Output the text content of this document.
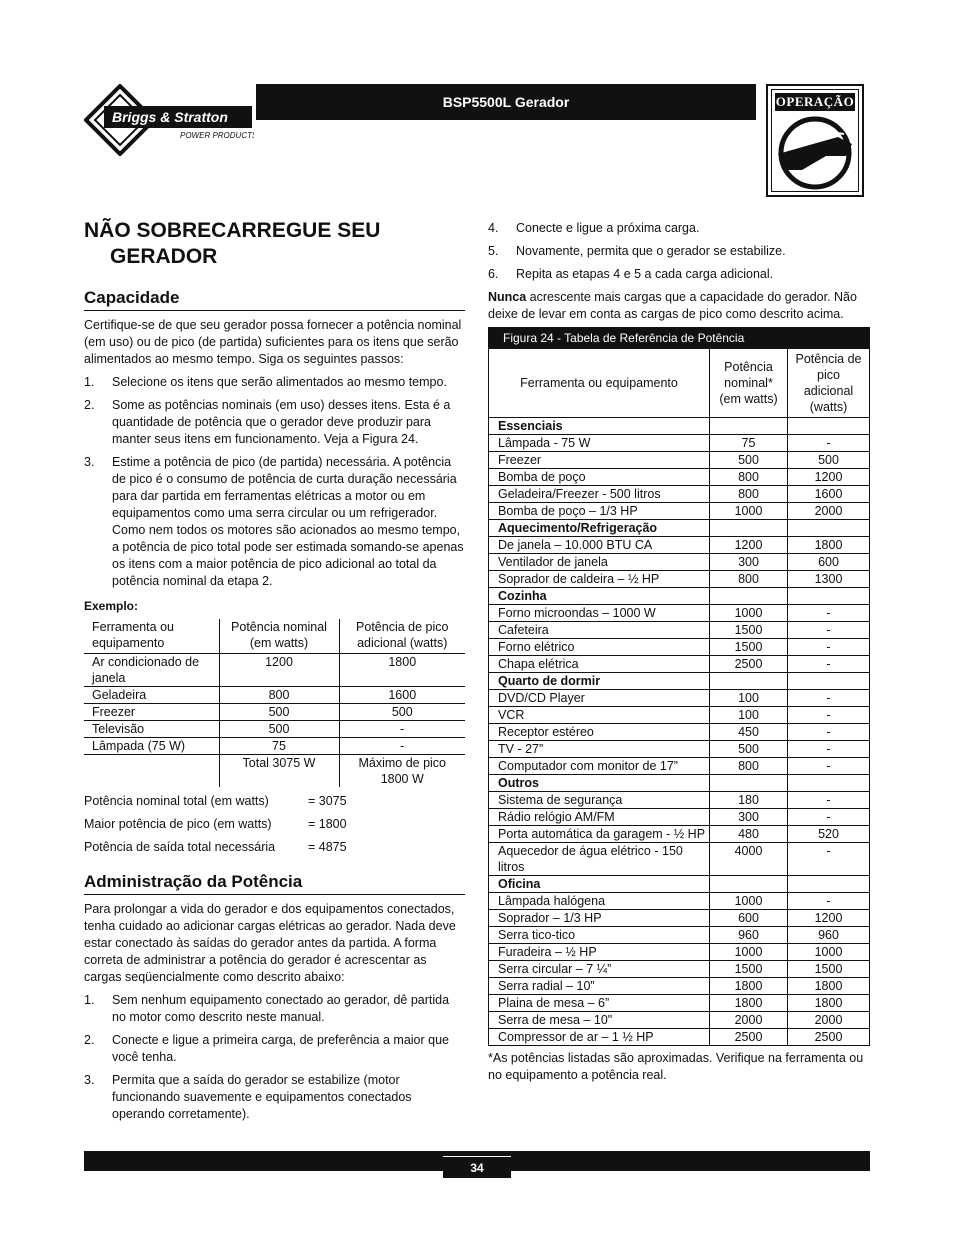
Briggs & Stratton
POWER PRODUCTS
BSP5500L Gerador	OPERAÇÃO
NÃO SOBRECARREGUE SEU GERADOR
Capacidade

Certifique-se de que seu gerador possa fornecer a potência nominal (em uso) ou de pico (de partida) suficientes para os itens que serão alimentados ao mesmo tempo. Siga os seguintes passos:

1. Selecione os itens que serão alimentados ao mesmo tempo.
2. Some as potências nominais (em uso) desses itens. Esta é a quantidade de potência que o gerador deve produzir para manter seus itens em funcionamento. Veja a Figura 24.
3. Estime a potência de pico (de partida) necessária. A potência de pico é o consumo de potência de curta duração necessária para dar partida em ferramentas elétricas a motor ou em equipamentos como uma serra circular ou um refrigerador. Como nem todos os motores são acionados ao mesmo tempo, a potência de pico total pode ser estimada somando-se apenas os itens com a maior potência de pico adicional ao total da potência nominal da etapa 2.

Exemplo:

Ferramenta ou equipamento	Potência nominal (em watts)	Potência de pico adicional (watts)
Ar condicionado de janela	1200	1800
Geladeira	800	1600
Freezer	500	500
Televisão	500	-
Lâmpada (75 W)	75	-
	Total 3075 W	Máximo de pico 1800 W
Potência nominal total (em watts)	= 3075
Maior potência de pico (em watts)	= 1800
Potência de saída total necessária	= 4875
Administração da Potência

Para prolongar a vida do gerador e dos equipamentos conectados, tenha cuidado ao adicionar cargas elétricas ao gerador. Nada deve estar conectado às saídas do gerador antes da partida. A forma correta de administrar a potência do gerador é acrescentar as cargas seqüencialmente como descrito abaixo:

1. Sem nenhum equipamento conectado ao gerador, dê partida no motor como descrito neste manual.
2. Conecte e ligue a primeira carga, de preferência a maior que você tenha.
3. Permita que a saída do gerador se estabilize (motor funcionando suavemente e equipamentos conectados operando corretamente).
4. Conecte e ligue a próxima carga.
5. Novamente, permita que o gerador se estabilize.
6. Repita as etapas 4 e 5 a cada carga adicional.

Nunca acrescente mais cargas que a capacidade do gerador. Não deixe de levar em conta as cargas de pico como descrito acima.

Figura 24 - Tabela de Referência de Potência		
Ferramenta ou equipamento	Potência nominal* (em watts)	Potência de pico adicional (watts)
Essenciais		
Lâmpada - 75 W	75	-
Freezer	500	500
Bomba de poço	800	1200
Geladeira/Freezer - 500 litros	800	1600
Bomba de poço – 1/3 HP	1000	2000
Aquecimento/Refrigeração		
De janela – 10.000 BTU CA	1200	1800
Ventilador de janela	300	600
Soprador de caldeira – ½ HP	800	1300
Cozinha		
Forno microondas – 1000 W	1000	-
Cafeteira	1500	-
Forno elétrico	1500	-
Chapa elétrica	2500	-
Quarto de dormir		
DVD/CD Player	100	-
VCR	100	-
Receptor estéreo	450	-
TV - 27”	500	-
Computador com monitor de 17”	800	-
Outros		
Sistema de segurança	180	-
Rádio relógio AM/FM	300	-
Porta automática da garagem - ½ HP	480	520
Aquecedor de água elétrico - 150 litros	4000	-
Oficina		
Lâmpada halógena	1000	-
Soprador – 1/3 HP	600	1200
Serra tico-tico	960	960
Furadeira – ½ HP	1000	1000
Serra circular – 7 ¼”	1500	1500
Serra radial – 10”	1800	1800
Plaina de mesa – 6”	1800	1800
Serra de mesa – 10"	2000	2000
Compressor de ar – 1 ½ HP	2500	2500

*As potências listadas são aproximadas. Verifique na ferramenta ou no equipamento a potência real.

34
